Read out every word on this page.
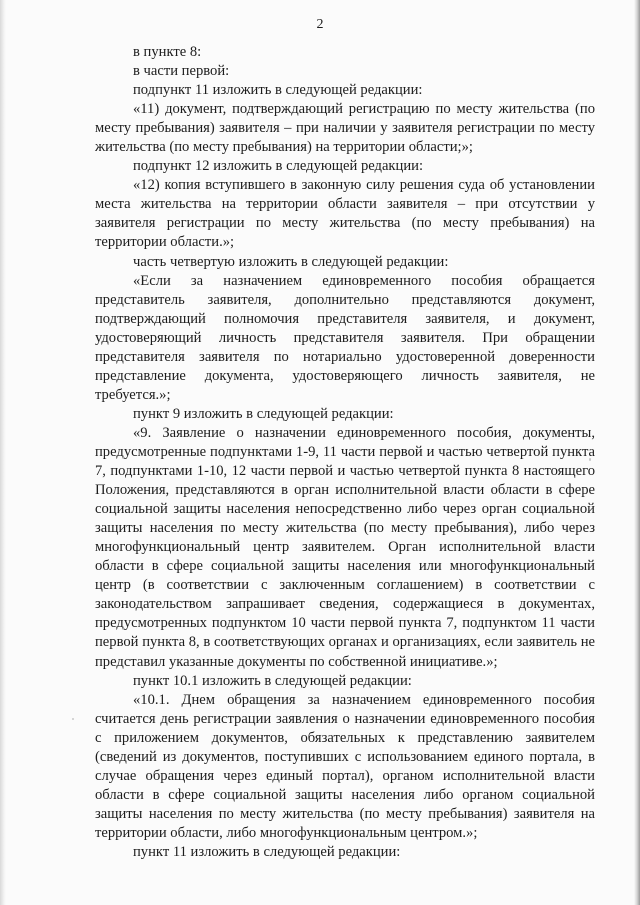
2

в пункте 8:

в части первой:

подпункт 11 изложить в следующей редакции:

«11) документ, подтверждающий регистрацию по месту жительства (по месту пребывания) заявителя – при наличии у заявителя регистрации по месту жительства (по месту пребывания) на территории области;»;

подпункт 12 изложить в следующей редакции:

«12) копия вступившего в законную силу решения суда об установлении места жительства на территории области заявителя – при отсутствии у заявителя регистрации по месту жительства (по месту пребывания) на территории области.»;

часть четвертую изложить в следующей редакции:

«Если за назначением единовременного пособия обращается представитель заявителя, дополнительно представляются документ, подтверждающий полномочия представителя заявителя, и документ, удостоверяющий личность представителя заявителя. При обращении представителя заявителя по нотариально удостоверенной доверенности представление документа, удостоверяющего личность заявителя, не требуется.»;

пункт 9 изложить в следующей редакции:

«9. Заявление о назначении единовременного пособия, документы, предусмотренные подпунктами 1-9, 11 части первой и частью четвертой пункта 7, подпунктами 1-10, 12 части первой и частью четвертой пункта 8 настоящего Положения, представляются в орган исполнительной власти области в сфере социальной защиты населения непосредственно либо через орган социальной защиты населения по месту жительства (по месту пребывания), либо через многофункциональный центр заявителем. Орган исполнительной власти области в сфере социальной защиты населения или многофункциональный центр (в соответствии с заключенным соглашением) в соответствии с законодательством запрашивает сведения, содержащиеся в документах, предусмотренных подпунктом 10 части первой пункта 7, подпунктом 11 части первой пункта 8, в соответствующих органах и организациях, если заявитель не представил указанные документы по собственной инициативе.»;

пункт 10.1 изложить в следующей редакции:

«10.1. Днем обращения за назначением единовременного пособия считается день регистрации заявления о назначении единовременного пособия с приложением документов, обязательных к представлению заявителем (сведений из документов, поступивших с использованием единого портала, в случае обращения через единый портал), органом исполнительной власти области в сфере социальной защиты населения либо органом социальной защиты населения по месту жительства (по месту пребывания) заявителя на территории области, либо многофункциональным центром.»;

пункт 11 изложить в следующей редакции:
